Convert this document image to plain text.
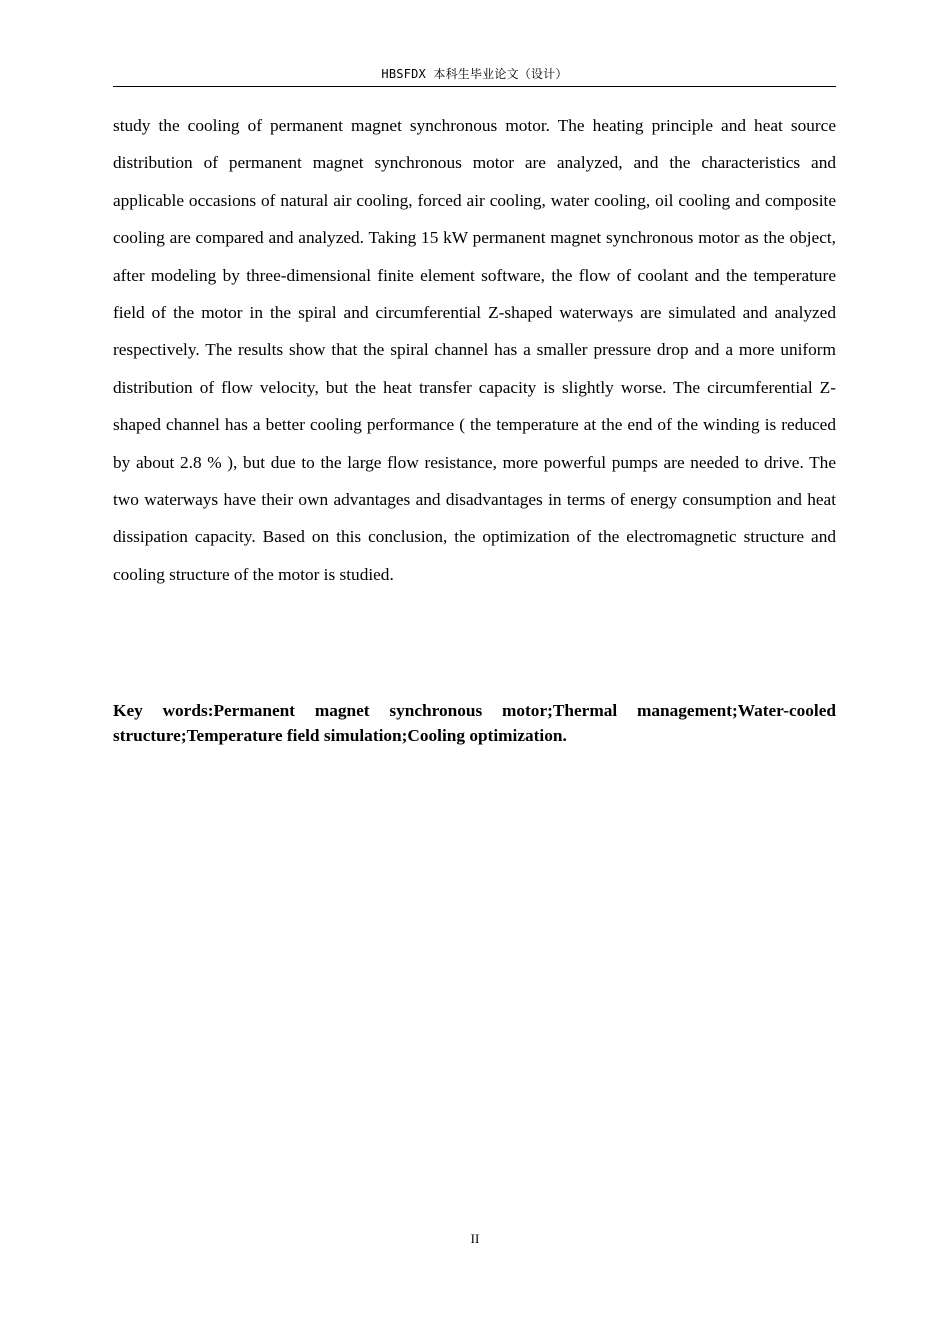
HBSFDX 本科生毕业论文（设计）

study the cooling of permanent magnet synchronous motor. The heating principle and heat source distribution of permanent magnet synchronous motor are analyzed, and the characteristics and applicable occasions of natural air cooling, forced air cooling, water cooling, oil cooling and composite cooling are compared and analyzed. Taking 15 kW permanent magnet synchronous motor as the object, after modeling by three-dimensional finite element software, the flow of coolant and the temperature field of the motor in the spiral and circumferential Z-shaped waterways are simulated and analyzed respectively. The results show that the spiral channel has a smaller pressure drop and a more uniform distribution of flow velocity, but the heat transfer capacity is slightly worse. The circumferential Z-shaped channel has a better cooling performance ( the temperature at the end of the winding is reduced by about 2.8 % ), but due to the large flow resistance, more powerful pumps are needed to drive. The two waterways have their own advantages and disadvantages in terms of energy consumption and heat dissipation capacity. Based on this conclusion, the optimization of the electromagnetic structure and cooling structure of the motor is studied.

Key words:Permanent magnet synchronous motor;Thermal management;Water-cooled structure;Temperature field simulation;Cooling optimization.

II
